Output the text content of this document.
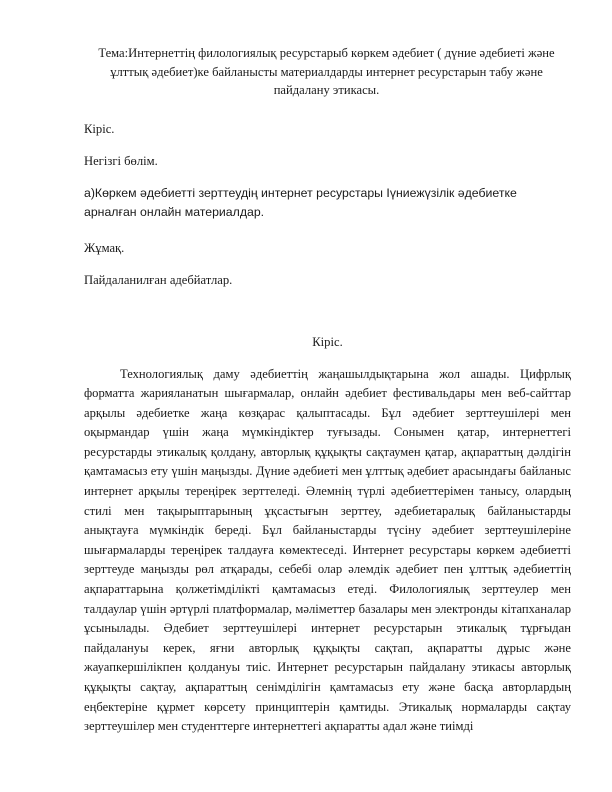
Тема:Интернеттің филологиялық ресурстарыб көркем әдебиет ( дүние әдебиеті және ұлттық әдебиет)ке байланысты материалдарды интернет ресурстарын табу және пайдалану этикасы.
Кіріс.
Негізгі бөлім.
а)Көркем әдебиетті зерттеудің интернет ресурстары Іүниежүзілік әдебиетке арналған онлайн материалдар.
Жұмақ.
Пайдаланилған адебйатлар.
Кіріс.

Технологиялық даму әдебиеттің жаңашылдықтарына жол ашады. Цифрлық форматта жарияланатын шығармалар, онлайн әдебиет фестивальдары мен веб-сайттар арқылы әдебиетке жаңа көзқарас қалыптасады. Бұл әдебиет зерттеушілері мен оқырмандар үшін жаңа мүмкіндіктер туғызады. Сонымен қатар, интернеттегі ресурстарды этикалық қолдану, авторлық құқықты сақтаумен қатар, ақпараттың дәлдігін қамтамасыз ету үшін маңызды. Дүние әдебиеті мен ұлттық әдебиет арасындағы байланыс интернет арқылы тереңірек зерттеледі. Әлемнің түрлі әдебиеттерімен танысу, олардың стилі мен тақырыптарының ұқсастығын зерттеу, әдебиетаралық байланыстарды анықтауға мүмкіндік береді. Бұл байланыстарды түсіну әдебиет зерттеушілеріне шығармаларды тереңірек талдауға көмектеседі. Интернет ресурстары көркем әдебиетті зерттеуде маңызды рөл атқарады, себебі олар әлемдік әдебиет пен ұлттық әдебиеттің ақпараттарына қолжетімділікті қамтамасыз етеді. Филологиялық зерттеулер мен талдаулар үшін әртүрлі платформалар, мәліметтер базалары мен электронды кітапханалар ұсынылады. Әдебиет зерттеушілері интернет ресурстарын этикалық тұрғыдан пайдалануы керек, яғни авторлық құқықты сақтап, ақпаратты дұрыс және жауапкершілікпен қолдануы тиіс. Интернет ресурстарын пайдалану этикасы авторлық құқықты сақтау, ақпараттың сенімділігін қамтамасыз ету және басқа авторлардың еңбектеріне құрмет көрсету принциптерін қамтиды. Этикалық нормаларды сақтау зерттеушілер мен студенттерге интернеттегі ақпаратты адал және тиімді
